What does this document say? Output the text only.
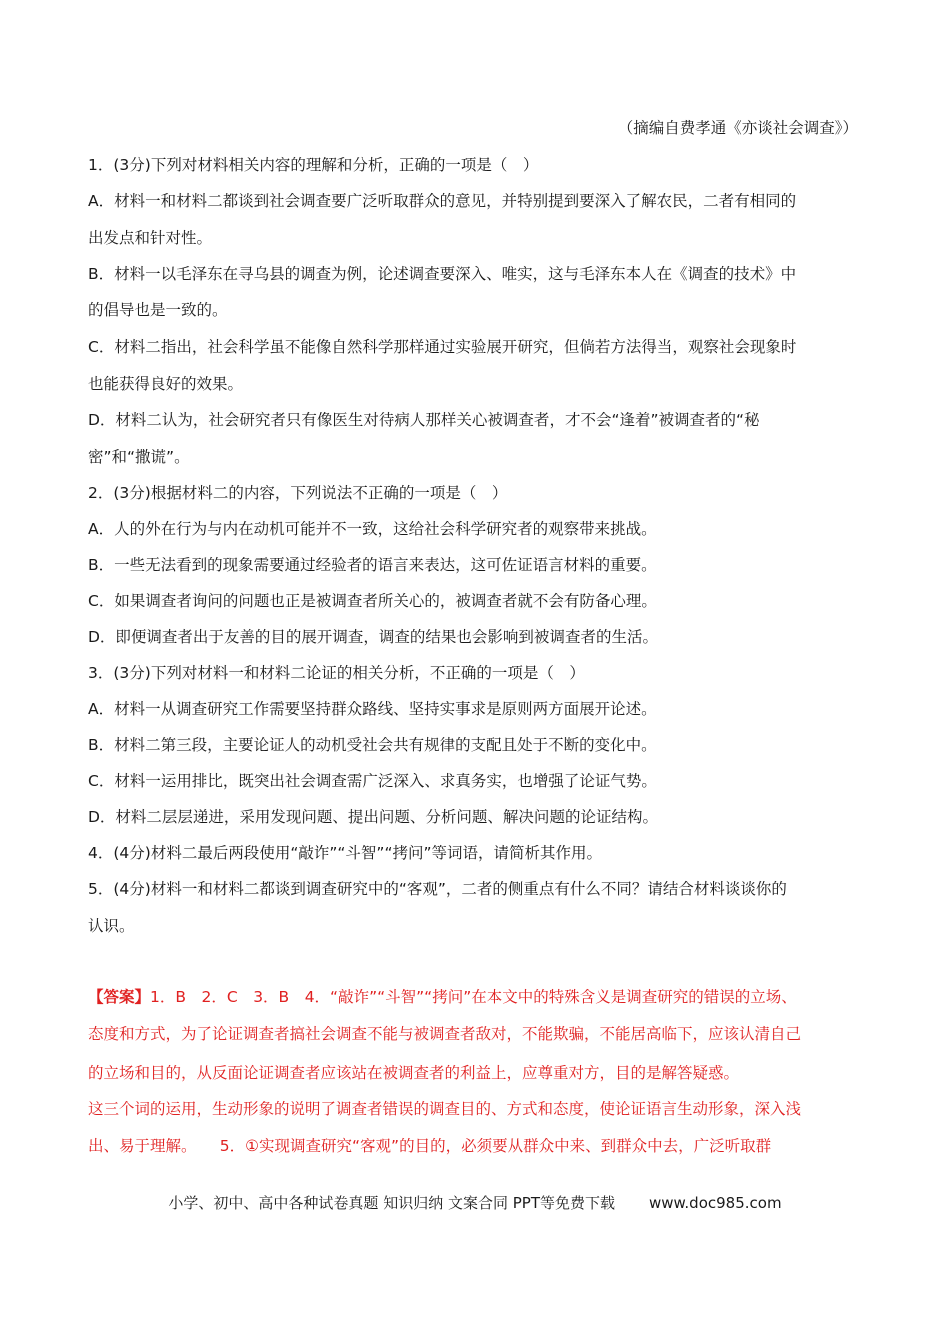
（摘编自费孝通《亦谈社会调查》）
1．(3分)下列对材料相关内容的理解和分析，正确的一项是（　）
A．材料一和材料二都谈到社会调查要广泛听取群众的意见，并特别提到要深入了解农民，二者有相同的
出发点和针对性。
B．材料一以毛泽东在寻乌县的调查为例，论述调查要深入、唯实，这与毛泽东本人在《调查的技术》中
的倡导也是一致的。
C．材料二指出，社会科学虽不能像自然科学那样通过实验展开研究，但倘若方法得当，观察社会现象时
也能获得良好的效果。
D．材料二认为，社会研究者只有像医生对待病人那样关心被调查者，才不会“逢着”被调查者的“秘
密”和“撒谎”。
2．(3分)根据材料二的内容，下列说法不正确的一项是（　）
A．人的外在行为与内在动机可能并不一致，这给社会科学研究者的观察带来挑战。
B．一些无法看到的现象需要通过经验者的语言来表达，这可佐证语言材料的重要。
C．如果调查者询问的问题也正是被调查者所关心的，被调查者就不会有防备心理。
D．即便调查者出于友善的目的展开调查，调查的结果也会影响到被调查者的生活。
3．(3分)下列对材料一和材料二论证的相关分析，不正确的一项是（　）
A．材料一从调查研究工作需要坚持群众路线、坚持实事求是原则两方面展开论述。
B．材料二第三段，主要论证人的动机受社会共有规律的支配且处于不断的变化中。
C．材料一运用排比，既突出社会调查需广泛深入、求真务实，也增强了论证气势。
D．材料二层层递进，采用发现问题、提出问题、分析问题、解决问题的论证结构。
4．(4分)材料二最后两段使用“敲诈”“斗智”“拷问”等词语，请简析其作用。
5．(4分)材料一和材料二都谈到调查研究中的“客观”，二者的侧重点有什么不同？请结合材料谈谈你的
认识。
【答案】1．B　2．C　3．B　4．“敲诈”“斗智”“拷问”在本文中的特殊含义是调查研究的错误的立场、
态度和方式，为了论证调查者搞社会调查不能与被调查者敌对，不能欺骗，不能居高临下，应该认清自己
的立场和目的，从反面论证调查者应该站在被调查者的利益上，应尊重对方，目的是解答疑惑。
这三个词的运用，生动形象的说明了调查者错误的调查目的、方式和态度，使论证语言生动形象，深入浅
出、易于理解。　　5．①实现调查研究“客观”的目的，必须要从群众中来、到群众中去，广泛听取群
小学、初中、高中各种试卷真题 知识归纳 文案合同 PPT等免费下载 www.doc985.com
